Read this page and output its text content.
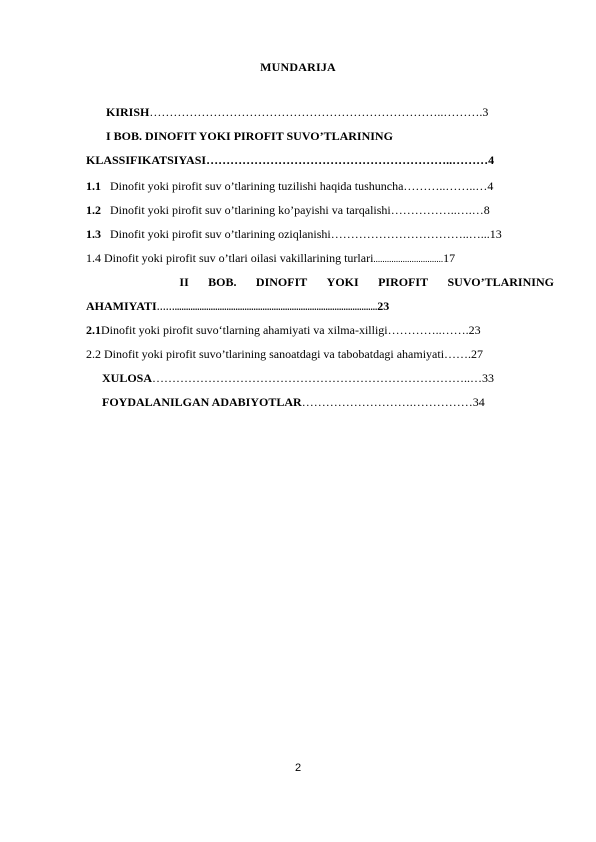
MUNDARIJA
KIRISH………………………………………………………………..……….3
I BOB. DINOFIT YOKI PIROFIT SUVO’TLARINING
KLASSIFIKATSIYASI……………………………………………………..………4
1.1 Dinofit yoki pirofit suv o’tlarining tuzilishi haqida tushuncha………..……..…4
1.2 Dinofit yoki pirofit suv o’tlarining ko’payishi va tarqalishi……………..….…8
1.3 Dinofit yoki pirofit suv o’tlarining oziqlanishi……………………………..…...13
1.4 Dinofit yoki pirofit suv o’tlari oilasi vakillarining turlari...............................17
II BOB. DINOFIT YOKI PIROFIT SUVO’TLARINING
AHAMIYATI……..........................................................................................23
2.1Dinofit yoki pirofit suvo‘tlarning ahamiyati va xilma-xilligi…………..…….23
2.2 Dinofit yoki pirofit suvo’tlarining sanoatdagi va tabobatdagi ahamiyati…….27
XULOSA……………………………………………………………………..…33
FOYDALANILGAN ADABIYOTLAR……………………….……………34
2
